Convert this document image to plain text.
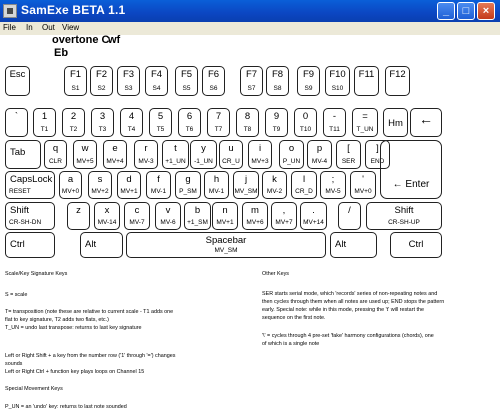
SamExe BETA 1.1	_	□	×
File In Out View
overtone C
wf
Eb
Esc	F1
S1
F2
S2
F3
S3
F4
S4
F5
S5
F6
S6
F7
S7
F8
S8
F9
S9
F10
S10
F11	F12
`	1
T1
2
T2
3
T3
4
T4
5
T5
6
T6
7
T7
8
T8
9
T9
0
T10
-
T11
=
T_UN
Hm	←
Tab	q
CLR
w
MV+5
e
MV+4
r
MV-3
t
+1_UN
y
-1_UN
u
CR_U
i
MV+3
o
P_UN
p
MV-4
[
SER
]
END
CapsLock
RESET
a
MV+0
s
MV+2
d
MV+1
f
MV-1
g
P_SM
h
MV-1
j
MV_SM
k
MV-2
l
CR_D
;
MV-5
'
MV+0
← Enter
Shift
CR-SH-DN
z	x
MV-14
c
MV-7
v
MV-6
b
+1_SM
n
MV+1
m
MV+6
,
MV+7
.
MV+14
/	Shift
CR-SH-UP
Ctrl	Alt	Spacebar
MV_SM
Alt	Ctrl
Scale/Key Signature Keys
S = scale
T= transposition (note these are relative to current scale - T1 adds one
flat to key signature, T2 adds two flats, etc.)
T_UN = undo last transpose: returns to last key signature
Left or Right Shift + a key from the number row ('1' through '=') changes
sounds
Left or Right Ctrl + function key plays loops on Channel 15
Special Movement Keys
P_UN = an 'undo' key: returns to last note sounded
Other Keys
SER starts serial mode, which 'records' series of non-repeating notes and
then cycles through them when all notes are used up; END stops the pattern
early. Special note: while in this mode, pressing the 't' will restart the
sequence on the first note.
'\' = cycles through 4 pre-set 'fake' harmony configurations (chords), one
of which is a single note
